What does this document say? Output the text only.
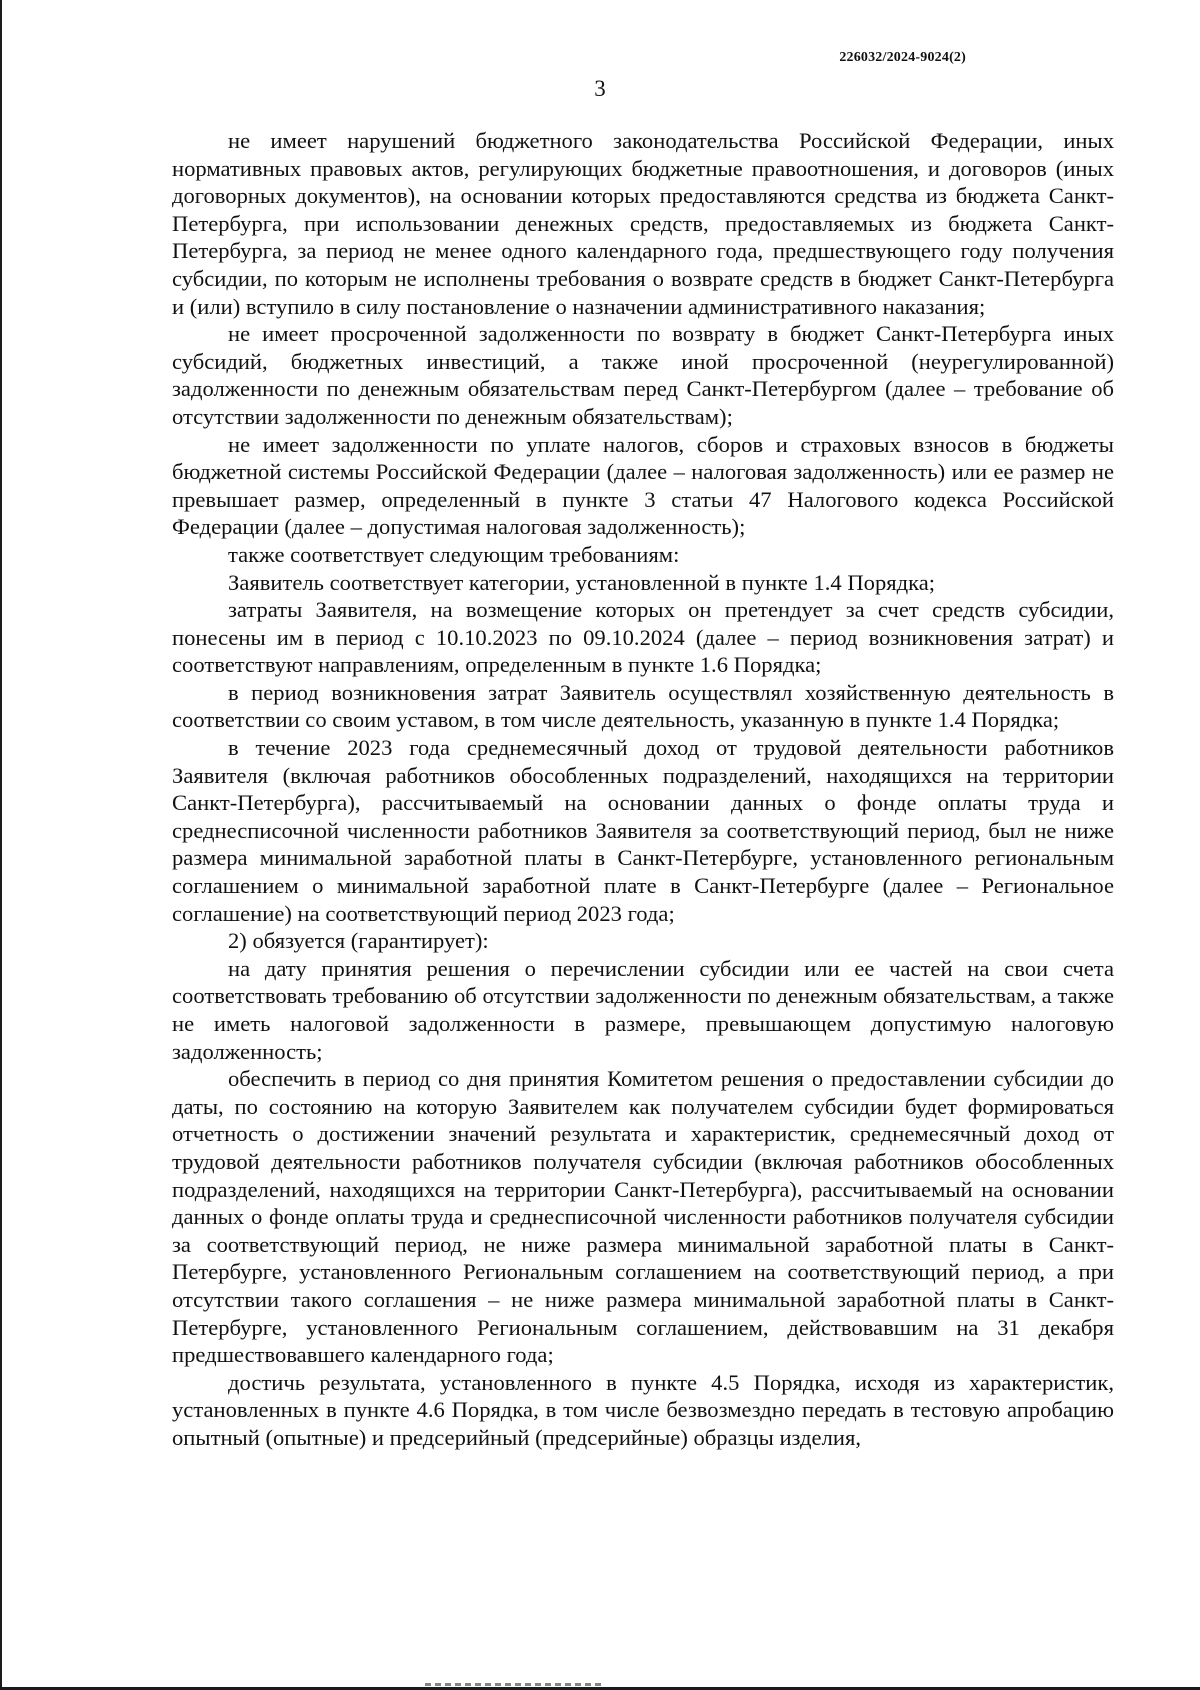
226032/2024-9024(2)
3

не имеет нарушений бюджетного законодательства Российской Федерации, иных нормативных правовых актов, регулирующих бюджетные правоотношения, и договоров (иных договорных документов), на основании которых предоставляются средства из бюджета Санкт-Петербурга, при использовании денежных средств, предоставляемых из бюджета Санкт-Петербурга, за период не менее одного календарного года, предшествующего году получения субсидии, по которым не исполнены требования о возврате средств в бюджет Санкт-Петербурга и (или) вступило в силу постановление о назначении административного наказания;

не имеет просроченной задолженности по возврату в бюджет Санкт-Петербурга иных субсидий, бюджетных инвестиций, а также иной просроченной (неурегулированной) задолженности по денежным обязательствам перед Санкт-Петербургом (далее – требование об отсутствии задолженности по денежным обязательствам);

не имеет задолженности по уплате налогов, сборов и страховых взносов в бюджеты бюджетной системы Российской Федерации (далее – налоговая задолженность) или ее размер не превышает размер, определенный в пункте 3 статьи 47 Налогового кодекса Российской Федерации (далее – допустимая налоговая задолженность);

также соответствует следующим требованиям:

Заявитель соответствует категории, установленной в пункте 1.4 Порядка;

затраты Заявителя, на возмещение которых он претендует за счет средств субсидии, понесены им в период с 10.10.2023 по 09.10.2024 (далее – период возникновения затрат) и соответствуют направлениям, определенным в пункте 1.6 Порядка;

в период возникновения затрат Заявитель осуществлял хозяйственную деятельность в соответствии со своим уставом, в том числе деятельность, указанную в пункте 1.4 Порядка;

в течение 2023 года среднемесячный доход от трудовой деятельности работников Заявителя (включая работников обособленных подразделений, находящихся на территории Санкт-Петербурга), рассчитываемый на основании данных о фонде оплаты труда и среднесписочной численности работников Заявителя за соответствующий период, был не ниже размера минимальной заработной платы в Санкт-Петербурге, установленного региональным соглашением о минимальной заработной плате в Санкт-Петербурге (далее – Региональное соглашение) на соответствующий период 2023 года;

2) обязуется (гарантирует):

на дату принятия решения о перечислении субсидии или ее частей на свои счета соответствовать требованию об отсутствии задолженности по денежным обязательствам, а также не иметь налоговой задолженности в размере, превышающем допустимую налоговую задолженность;

обеспечить в период со дня принятия Комитетом решения о предоставлении субсидии до даты, по состоянию на которую Заявителем как получателем субсидии будет формироваться отчетность о достижении значений результата и характеристик, среднемесячный доход от трудовой деятельности работников получателя субсидии (включая работников обособленных подразделений, находящихся на территории Санкт-Петербурга), рассчитываемый на основании данных о фонде оплаты труда и среднесписочной численности работников получателя субсидии за соответствующий период, не ниже размера минимальной заработной платы в Санкт-Петербурге, установленного Региональным соглашением на соответствующий период, а при отсутствии такого соглашения – не ниже размера минимальной заработной платы в Санкт-Петербурге, установленного Региональным соглашением, действовавшим на 31 декабря предшествовавшего календарного года;

достичь результата, установленного в пункте 4.5 Порядка, исходя из характеристик, установленных в пункте 4.6 Порядка, в том числе безвозмездно передать в тестовую апробацию опытный (опытные) и предсерийный (предсерийные) образцы изделия,
